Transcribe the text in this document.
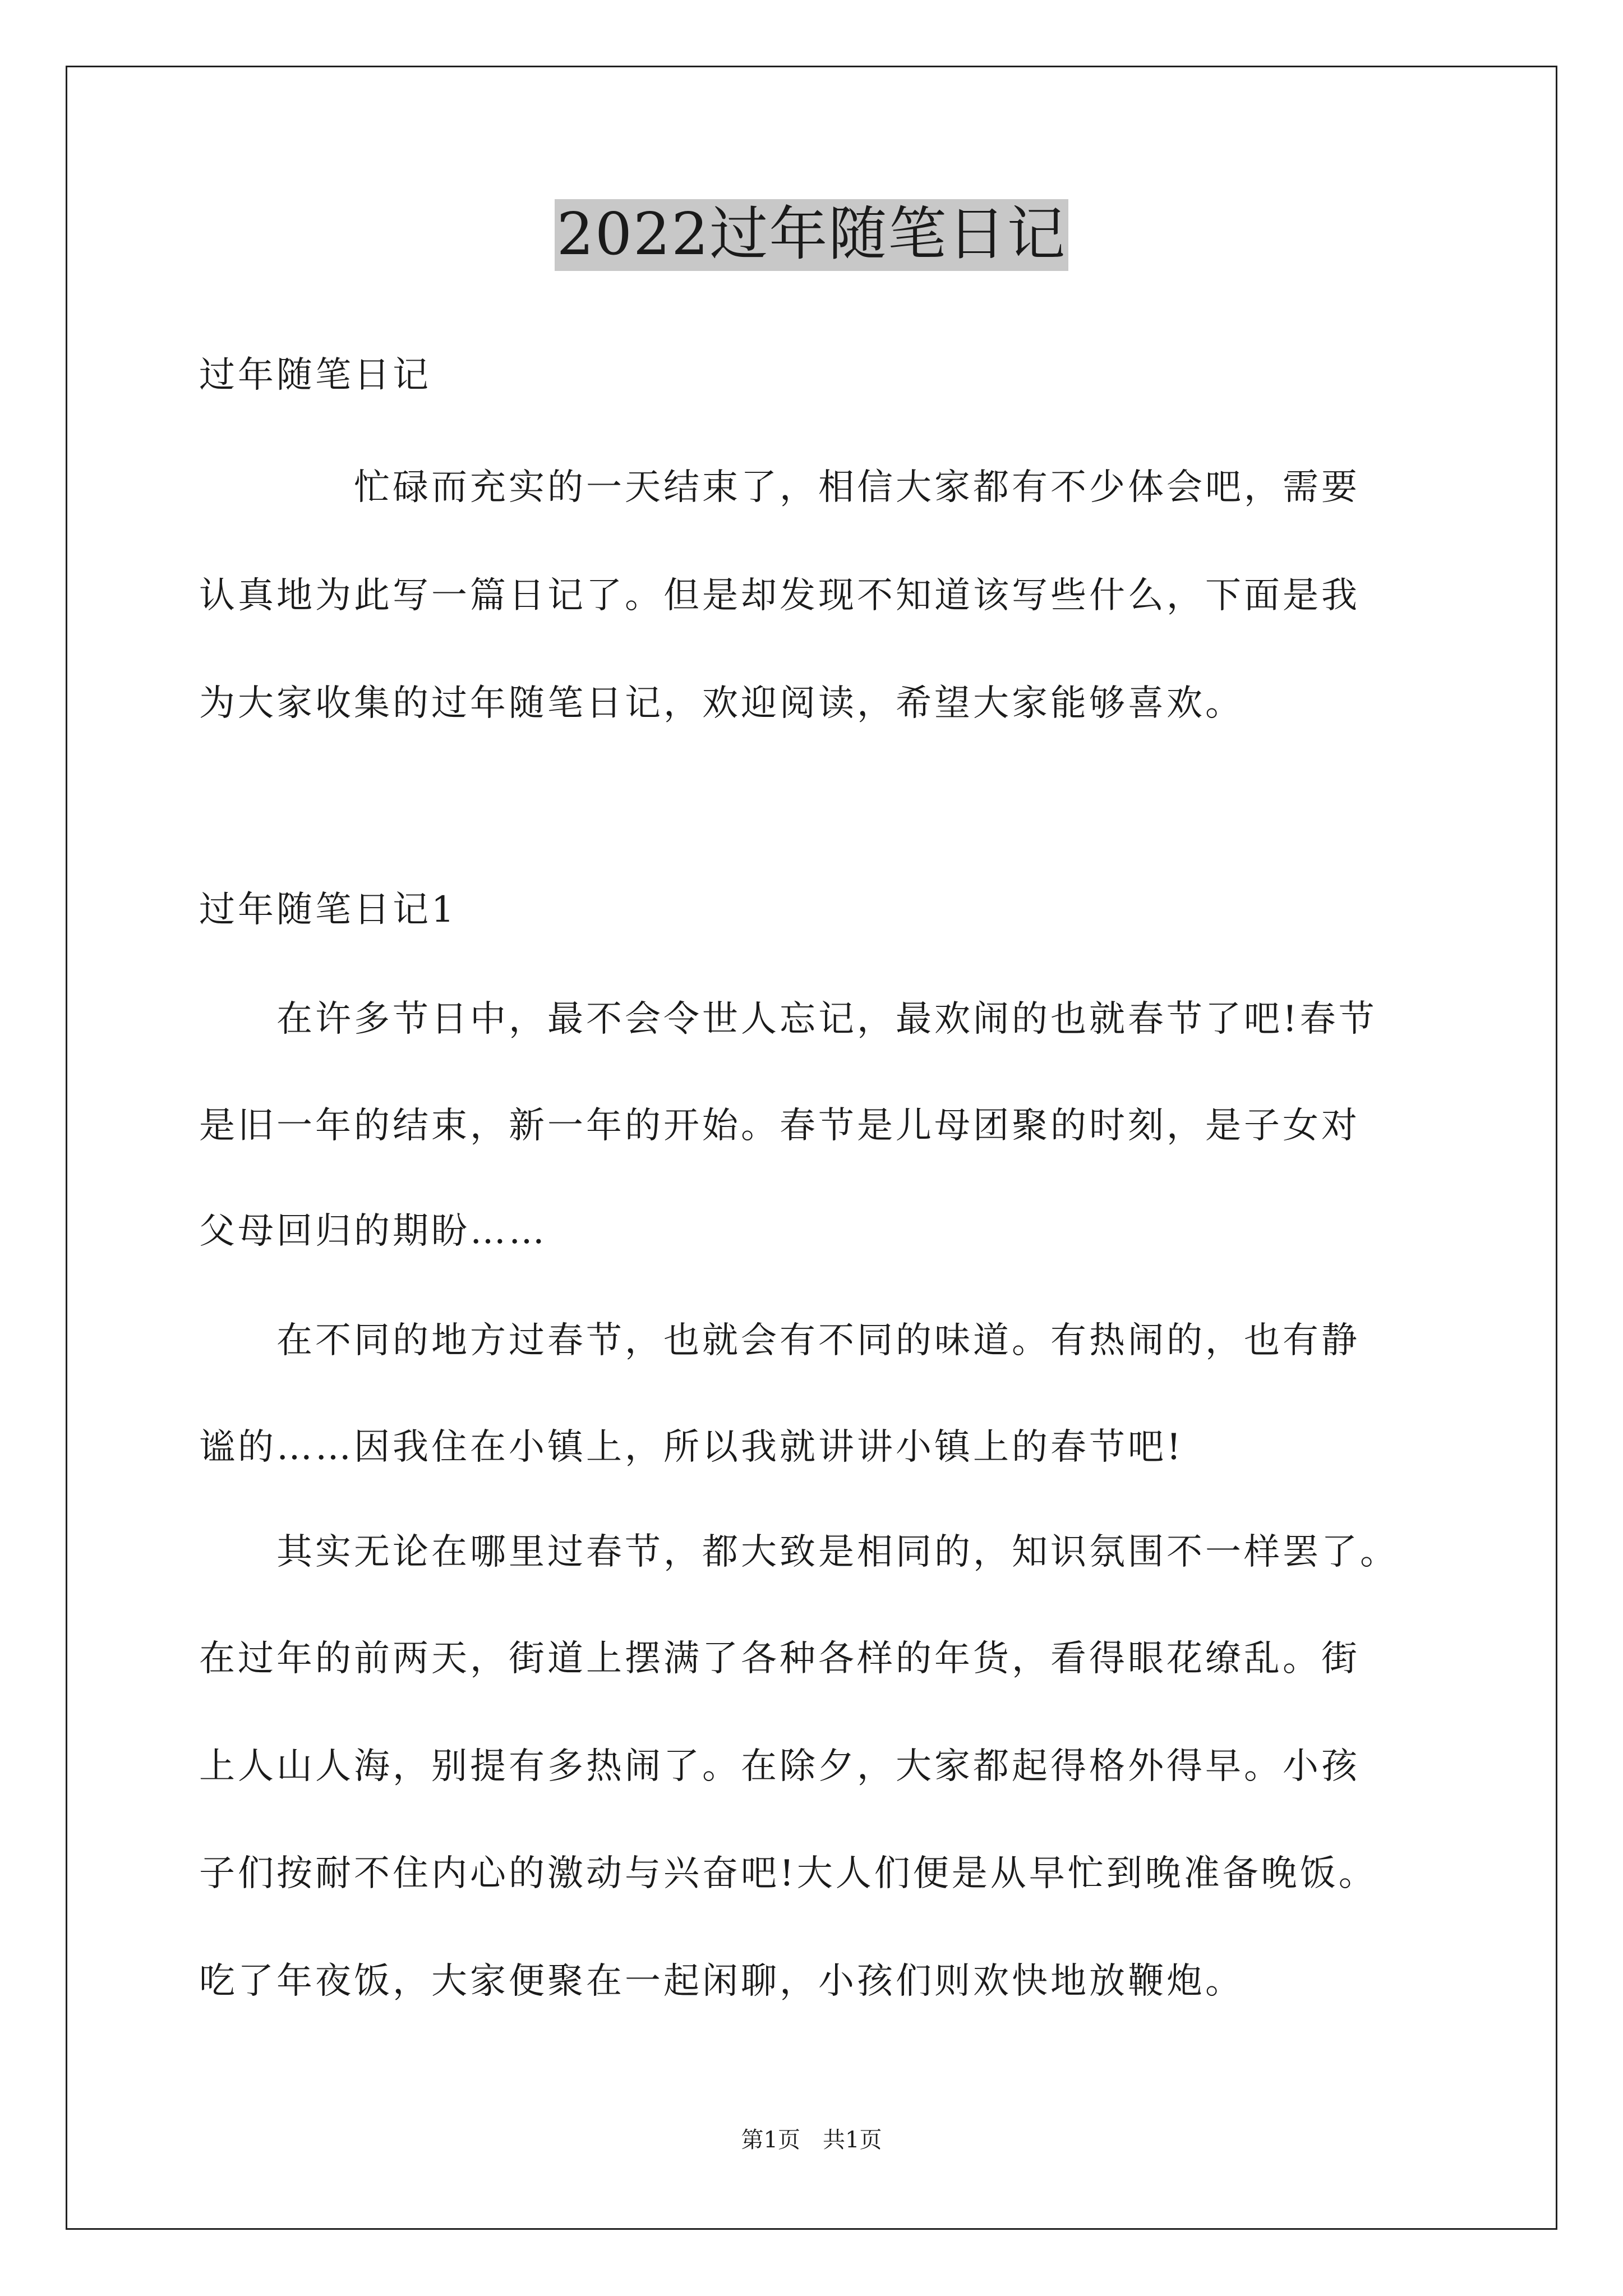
2022过年随笔日记
过年随笔日记
　　　　忙碌而充实的一天结束了，相信大家都有不少体会吧，需要
认真地为此写一篇日记了。但是却发现不知道该写些什么，下面是我
为大家收集的过年随笔日记，欢迎阅读，希望大家能够喜欢。
过年随笔日记1
　　在许多节日中，最不会令世人忘记，最欢闹的也就春节了吧!春节
是旧一年的结束，新一年的开始。春节是儿母团聚的时刻，是子女对
父母回归的期盼……
　　在不同的地方过春节，也就会有不同的味道。有热闹的，也有静
谧的……因我住在小镇上，所以我就讲讲小镇上的春节吧!
　　其实无论在哪里过春节，都大致是相同的，知识氛围不一样罢了。
在过年的前两天，街道上摆满了各种各样的年货，看得眼花缭乱。街
上人山人海，别提有多热闹了。在除夕，大家都起得格外得早。小孩
子们按耐不住内心的激动与兴奋吧!大人们便是从早忙到晚准备晚饭。
吃了年夜饭，大家便聚在一起闲聊，小孩们则欢快地放鞭炮。
第1页　共1页
